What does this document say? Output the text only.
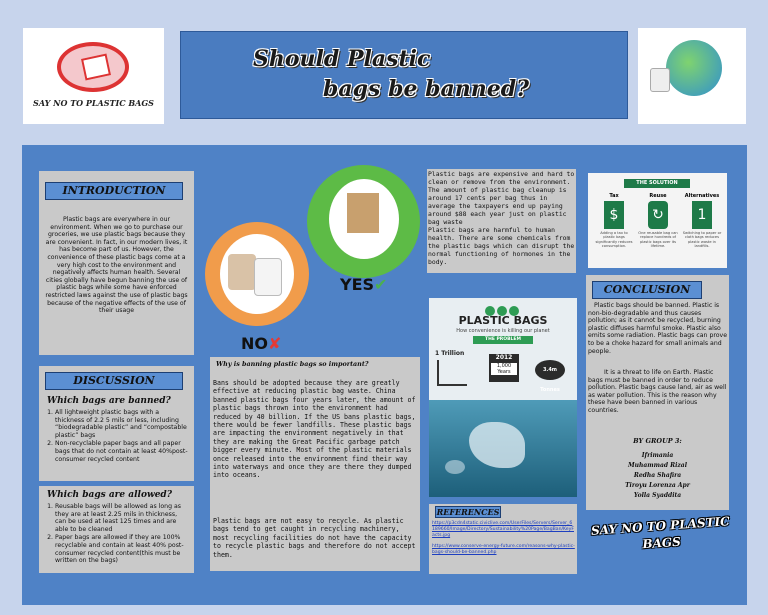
SAY NO TO PLASTIC BAGS
Should Plastic
bags be banned?
INTRODUCTION
Plastic bags are everywhere in our environment. When we go to purchase our groceries, we use plastic bags because they are convenient. In fact, in our modern lives, it has become part of us. However, the convenience of these plastic bags come at a very high cost to the environment and negatively affects human health. Several cities globally have begun banning the use of plastic bags while some have enforced restricted laws against the use of plastic bags because of the negative effects of the use of their usage
DISCUSSION
Which bags are banned?
1. All lightweight plastic bags with a thickness of 2.2 5 mils or less, including “biodegradable plastic” and “compostable plastic” bags
2. Non-recyclable paper bags and all paper bags that do not contain at least 40%post-consumer recycled content
Which bags are allowed?
1. Reusable bags will be allowed as long as they are at least 2.25 mils in thickness, can be used at least 125 times and are able to be cleaned
2. Paper bags are allowed if they are 100% recyclable and contain at least 40% post-consumer recycled content(this must be written on the bags)
YES✔
NO✘
Why is banning plastic bags so important?
Bans should be adopted because they are greatly effective at reducing plastic bag waste. China banned plastic bags four years later, the amount of plastic bags thrown into the environment had reduced by 40 billion. If the US bans plastic bags, there would be fewer landfills. These plastic bags are impacting the environment negatively in that they are making the Great Pacific garbage patch bigger every minute. Most of the plastic materials once released into the environment find their way into waterways and once they are there they dumped into oceans.
Plastic bags are not easy to recycle. As plastic bags tend to get caught in recycling machinery, most recycling facilities do not have the capacity to recycle plastic bags and therefore do not accept them.
Plastic bags are expensive and hard to clean or remove from the environment. The amount of plastic bag cleanup is around 17 cents per bag thus in average the taxpayers end up paying around $88 each year just on plastic bag waste
Plastic bags are harmful to human health. There are some chemicals from the plastic bags which can disrupt the normal functioning of hormones in the body.
THE SOLUTION
Tax
$
Adding a tax to plastic bags significantly reduces consumption.
Reuse
↻
One reusable bag can replace hundreds of plastic bags over its lifetime.
Alternatives
1
Switching to paper or cloth bags reduces plastic waste in landfills.
PLASTIC BAGS
How convenience is killing our planet
THE PROBLEM
1 Trillion
2012
1,000 Years	3.4m Tonnes
REFERENCES
https://p3cdn4static.civiclive.com/UserFiles/Servers/Server_6189660/Image/Directory/Sustainability%20Page/BagBan/KeyFacts.jpg
https://www.conserve-energy-future.com/reasons-why-plastic-bags-should-be-banned.php
CONCLUSION
Plastic bags should be banned. Plastic is non-bio-degradable and thus causes pollution; as it cannot be recycled, burning plastic diffuses harmful smoke. Plastic also emits some radiation. Plastic bags can prove to be a choke hazard for small animals and people.
It is a threat to life on Earth. Plastic bags must be banned in order to reduce pollution. Plastic bags cause land, air as well as water pollution. This is the reason why these have been banned in various countries.
BY GROUP 3:
Ifrimania
Muhammad Rizal
Redha Shafira
Tiroyu Lorenza Apr
Yolla Syaddita
SAY NO TO PLASTIC BAGS
